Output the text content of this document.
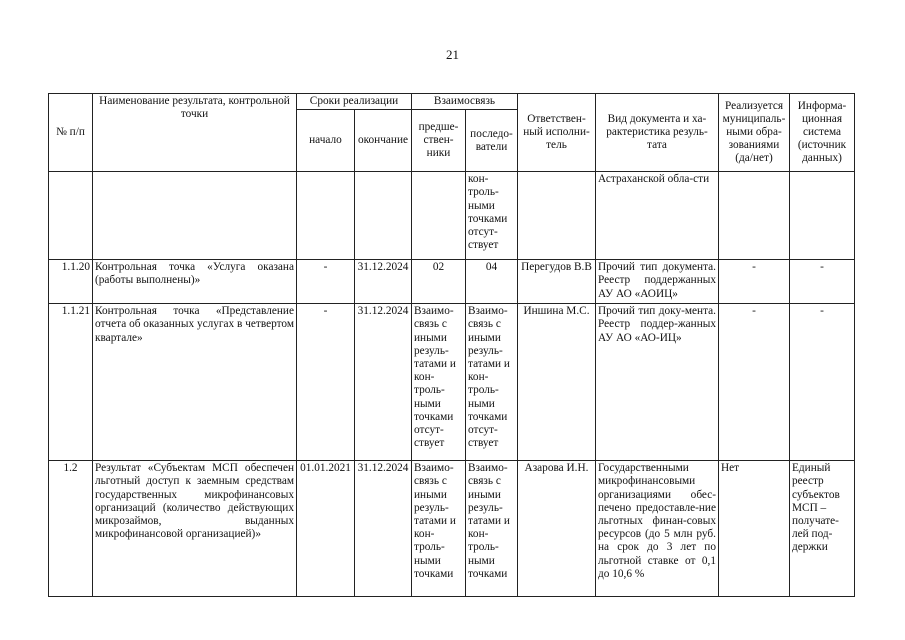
21
№ п/п	Наименование результата, контрольной точки	Сроки реализации		Взаимосвязь		Ответствен-ный исполни-тель	Вид документа и ха-рактеристика резуль-тата	Реализуется муниципаль-ными обра-зованиями (да/нет)	Информа-ционная система (источник данных)
		начало	окончание	предше-ствен-ники	последо-ватели				

					кон-троль-ными точками отсут-ствует		Астраханской обла-сти		
1.1.20	Контрольная точка «Услуга оказана (работы выполнены)»	-	31.12.2024	02	04	Перегудов В.В	Прочий тип документа. Реестр поддержанных АУ АО «АОИЦ»	-	-
1.1.21	Контрольная точка «Представление отчета об оказанных услугах в четвертом квартале»	-	31.12.2024	Взаимо-связь с иными резуль-татами и кон-троль-ными точками отсут-ствует	Взаимо-связь с иными резуль-татами и кон-троль-ными точками отсут-ствует	Иншина М.С.	Прочий тип доку-мента. Реестр поддер-жанных АУ АО «АО-ИЦ»	-	-
1.2	Результат «Субъектам МСП обеспечен льготный доступ к заемным средствам государственных микрофинансовых организаций (количество действующих микрозаймов, выданных микрофинансовой организацией)»	01.01.2021	31.12.2024	Взаимо-связь с иными резуль-татами и кон-троль-ными точками	Взаимо-связь с иными резуль-татами и кон-троль-ными точками	Азарова И.Н.	Государственными микрофинансовыми организациями обес-печено предоставле-ние льготных финан-совых ресурсов (до 5 млн руб. на срок до 3 лет по льготной ставке от 0,1 до 10,6 %	Нет	Единый реестр субъектов МСП – получате-лей под-держки
